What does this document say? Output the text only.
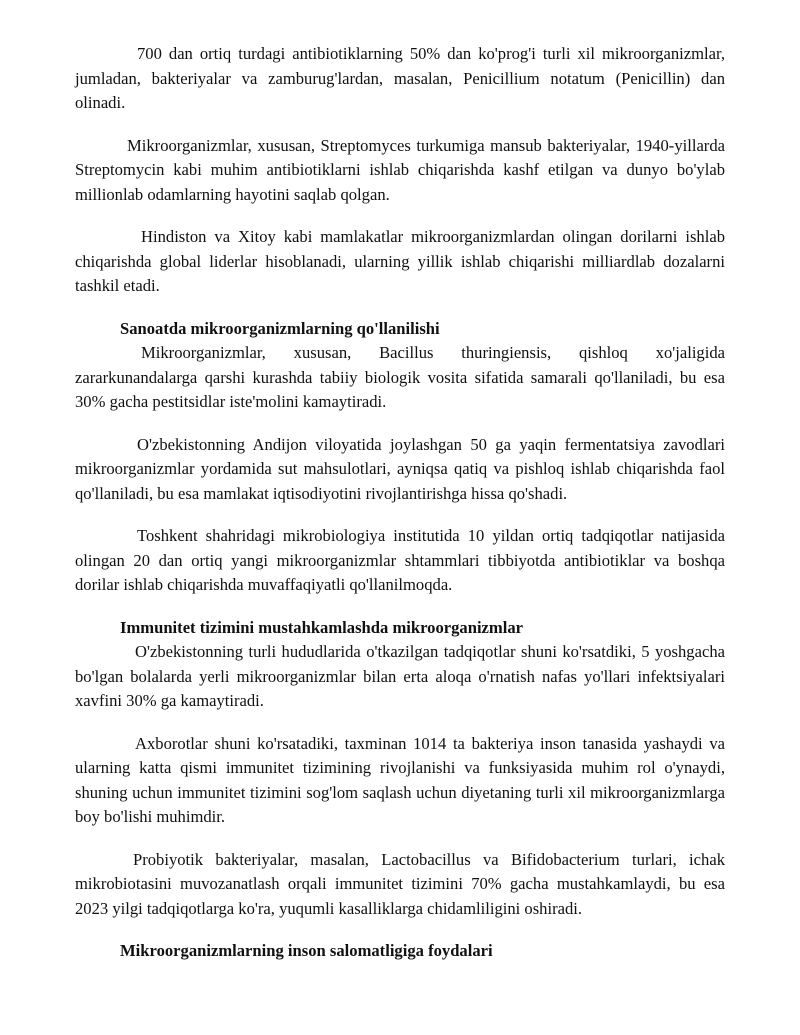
700 dan ortiq turdagi antibiotiklarning 50% dan ko'prog'i turli xil mikroorganizmlar, jumladan, bakteriyalar va zamburug'lardan, masalan, Penicillium notatum (Penicillin) dan olinadi.

Mikroorganizmlar, xususan, Streptomyces turkumiga mansub bakteriyalar, 1940-yillarda Streptomycin kabi muhim antibiotiklarni ishlab chiqarishda kashf etilgan va dunyo bo'ylab millionlab odamlarning hayotini saqlab qolgan.

Hindiston va Xitoy kabi mamlakatlar mikroorganizmlardan olingan dorilarni ishlab chiqarishda global liderlar hisoblanadi, ularning yillik ishlab chiqarishi milliardlab dozalarni tashkil etadi.

Sanoatda mikroorganizmlarning qo'llanilishi

Mikroorganizmlar, xususan, Bacillus thuringiensis, qishloq xo'jaligida zararkunandalarga qarshi kurashda tabiiy biologik vosita sifatida samarali qo'llaniladi, bu esa 30% gacha pestitsidlar iste'molini kamaytiradi.

O'zbekistonning Andijon viloyatida joylashgan 50 ga yaqin fermentatsiya zavodlari mikroorganizmlar yordamida sut mahsulotlari, ayniqsa qatiq va pishloq ishlab chiqarishda faol qo'llaniladi, bu esa mamlakat iqtisodiyotini rivojlantirishga hissa qo'shadi.

Toshkent shahridagi mikrobiologiya institutida 10 yildan ortiq tadqiqotlar natijasida olingan 20 dan ortiq yangi mikroorganizmlar shtammlari tibbiyotda antibiotiklar va boshqa dorilar ishlab chiqarishda muvaffaqiyatli qo'llanilmoqda.

Immunitet tizimini mustahkamlashda mikroorganizmlar

O'zbekistonning turli hududlarida o'tkazilgan tadqiqotlar shuni ko'rsatdiki, 5 yoshgacha bo'lgan bolalarda yerli mikroorganizmlar bilan erta aloqa o'rnatish nafas yo'llari infektsiyalari xavfini 30% ga kamaytiradi.

Axborotlar shuni ko'rsatadiki, taxminan 1014 ta bakteriya inson tanasida yashaydi va ularning katta qismi immunitet tizimining rivojlanishi va funksiyasida muhim rol o'ynaydi, shuning uchun immunitet tizimini sog'lom saqlash uchun diyetaning turli xil mikroorganizmlarga boy bo'lishi muhimdir.

Probiyotik bakteriyalar, masalan, Lactobacillus va Bifidobacterium turlari, ichak mikrobiotasini muvozanatlash orqali immunitet tizimini 70% gacha mustahkamlaydi, bu esa 2023 yilgi tadqiqotlarga ko'ra, yuqumli kasalliklarga chidamliligini oshiradi.

Mikroorganizmlarning inson salomatligiga foydalari
